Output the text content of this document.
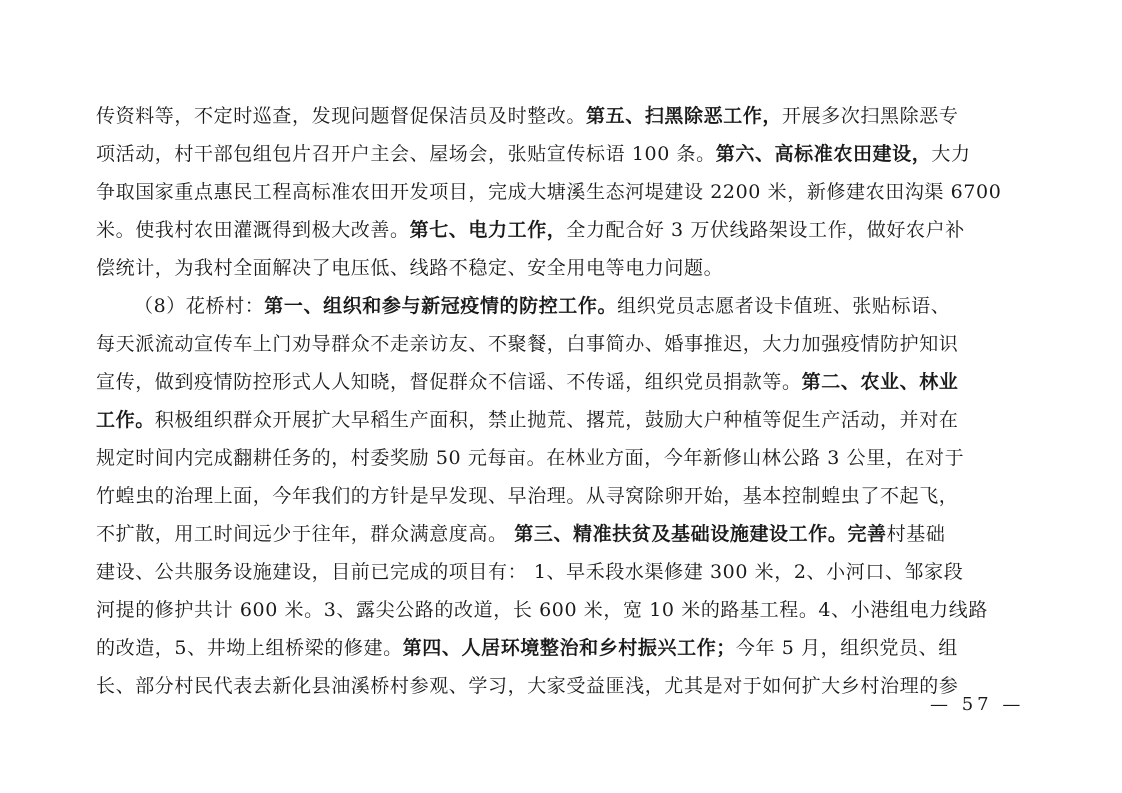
传资料等，不定时巡查，发现问题督促保洁员及时整改。第五、扫黑除恶工作，开展多次扫黑除恶专
项活动，村干部包组包片召开户主会、屋场会，张贴宣传标语 100 条。第六、高标准农田建设，大力
争取国家重点惠民工程高标准农田开发项目，完成大塘溪生态河堤建设 2200 米，新修建农田沟渠 6700
米。使我村农田灌溉得到极大改善。第七、电力工作，全力配合好 3 万伏线路架设工作，做好农户补
偿统计，为我村全面解决了电压低、线路不稳定、安全用电等电力问题。
（8）花桥村：第一、组织和参与新冠疫情的防控工作。组织党员志愿者设卡值班、张贴标语、
每天派流动宣传车上门劝导群众不走亲访友、不聚餐，白事简办、婚事推迟，大力加强疫情防护知识
宣传，做到疫情防控形式人人知晓，督促群众不信谣、不传谣，组织党员捐款等。第二、农业、林业
工作。积极组织群众开展扩大早稻生产面积，禁止抛荒、撂荒，鼓励大户种植等促生产活动，并对在
规定时间内完成翻耕任务的，村委奖励 50 元每亩。在林业方面，今年新修山林公路 3 公里，在对于
竹蝗虫的治理上面，今年我们的方针是早发现、早治理。从寻窝除卵开始，基本控制蝗虫了不起飞，
不扩散，用工时间远少于往年，群众满意度高。 第三、精准扶贫及基础设施建设工作。完善村基础
建设、公共服务设施建设，目前已完成的项目有： 1、早禾段水渠修建 300 米，2、小河口、邹家段
河提的修护共计 600 米。3、露尖公路的改道，长 600 米，宽 10 米的路基工程。4、小港组电力线路
的改造，5、井坳上组桥梁的修建。第四、人居环境整治和乡村振兴工作；今年 5 月，组织党员、组
长、部分村民代表去新化县油溪桥村参观、学习，大家受益匪浅，尤其是对于如何扩大乡村治理的参
— 57 —
